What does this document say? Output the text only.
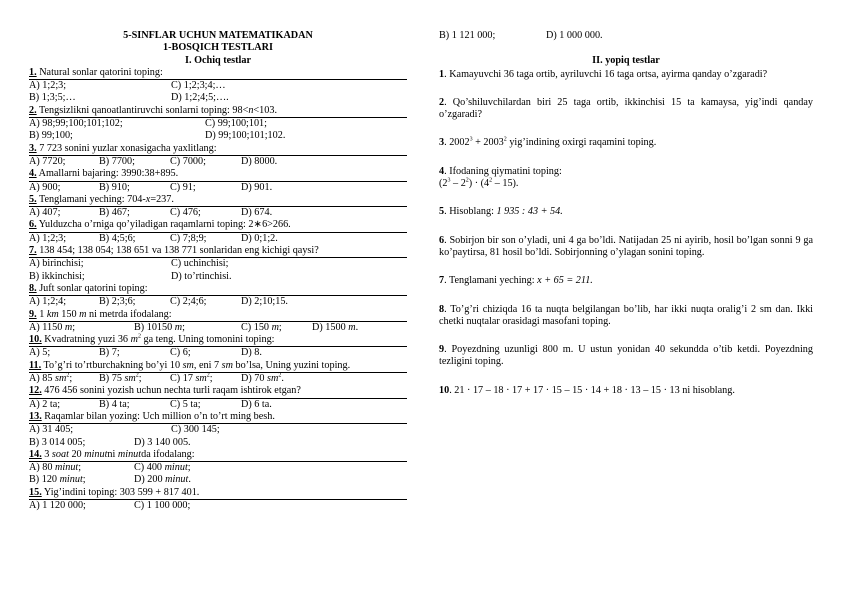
5-SINFLAR UCHUN MATEMATIKADAN
1-BOSQICH TESTLARI
I. Ochiq testlar
1. Natural sonlar qatorini toping:
A) 1;2;3;	C) 1;2;3;4;…
B) 1;3;5;…	D) 1;2;4;5;….
2. Tengsizlikni qanoatlantiruvchi sonlarni toping: 98<n<103.
A) 98;99;100;101;102;	C) 99;100;101;
B) 99;100;	D) 99;100;101;102.
3. 7 723 sonini yuzlar xonasigacha yaxlitlang:
A) 7720;	B) 7700;	C) 7000;	D) 8000.
4. Amallarni bajaring: 3990:38+895.
A) 900;	B) 910;	C) 91;	D) 901.
5. Tenglamani yeching: 704-x=237.
A) 407;	B) 467;	C) 476;	D) 674.
6. Yulduzcha o’rniga qo’yiladigan raqamlarni toping: 2∗6>266.
A) 1;2;3;	B) 4;5;6;	C) 7;8;9;	D) 0;1;2.
7. 138 454; 138 054; 138 651 va 138 771 sonlaridan eng kichigi qaysi?
A) birinchisi;	C) uchinchisi;
B) ikkinchisi;	D) to’rtinchisi.
8. Juft sonlar qatorini toping:
A) 1;2;4;	B) 2;3;6;	C) 2;4;6;	D) 2;10;15.
9. 1 km 150 m ni metrda ifodalang:
A) 1150 m;	B) 10150 m;	C) 150 m;	D) 1500 m.
10. Kvadratning yuzi 36 $m^2$ ga teng. Uning tomonini toping:
A) 5;	B) 7;	C) 6;	D) 8.
11. To’g’ri to’rtburchakning bo’yi 10 sm, eni 7 sm bo’lsa, Uning yuzini toping.
A) 85 $sm^2$;	B) 75 $sm^2$;	C) 17 $sm^2$;	D) 70 $sm^2$.
12. 476 456 sonini yozish uchun nechta turli raqam ishtirok etgan?
A) 2 ta;	B) 4 ta;	C) 5 ta;	D) 6 ta.
13. Raqamlar bilan yozing: Uch million o’n to’rt ming besh.
A) 31 405;	C) 300 145;
B) 3 014 005;	D) 3 140 005.
14. 3 soat 20 minutni minutda ifodalang:
A) 80 minut;	C) 400 minut;
B) 120 minut;	D) 200 minut.
15. Yig’indini toping: 303 599 + 817 401.
A) 1 120 000;	C) 1 100 000;
B) 1 121 000;	D) 1 000 000.
II. yopiq testlar
1. Kamayuvchi 36 taga ortib, ayriluvchi 16 taga ortsa, ayirma qanday o’zgaradi?
2. Qo’shiluvchilardan biri 25 taga ortib, ikkinchisi 15 ta kamaysa, yig’indi qanday o’zgaradi?
3. $2002^3 + 2003^2$ yig’indining oxirgi raqamini toping.
4. Ifodaning qiymatini toping:
$(2^3 - 2^2) \cdot (4^2 - 15)$.
5. Hisoblang: 1 935 : 43 + 54.
6. Sobirjon bir son o’yladi, uni 4 ga bo’ldi. Natijadan 25 ni ayirib, hosil bo’lgan sonni 9 ga ko’paytirsa, 81 hosil bo’ldi. Sobirjonning o’ylagan sonini toping.
7. Tenglamani yeching: x + 65 = 211.
8. To’g’ri chiziqda 16 ta nuqta belgilangan bo’lib, har ikki nuqta oralig’i 2 sm dan. Ikki chetki nuqtalar orasidagi masofani toping.
9. Poyezdning uzunligi 800 m. U ustun yonidan 40 sekundda o’tib ketdi. Poyezdning tezligini toping.
10. 21 · 17 – 18 · 17 + 17 · 15 – 15 · 14 + 18 · 13 – 15 · 13 ni hisoblang.
